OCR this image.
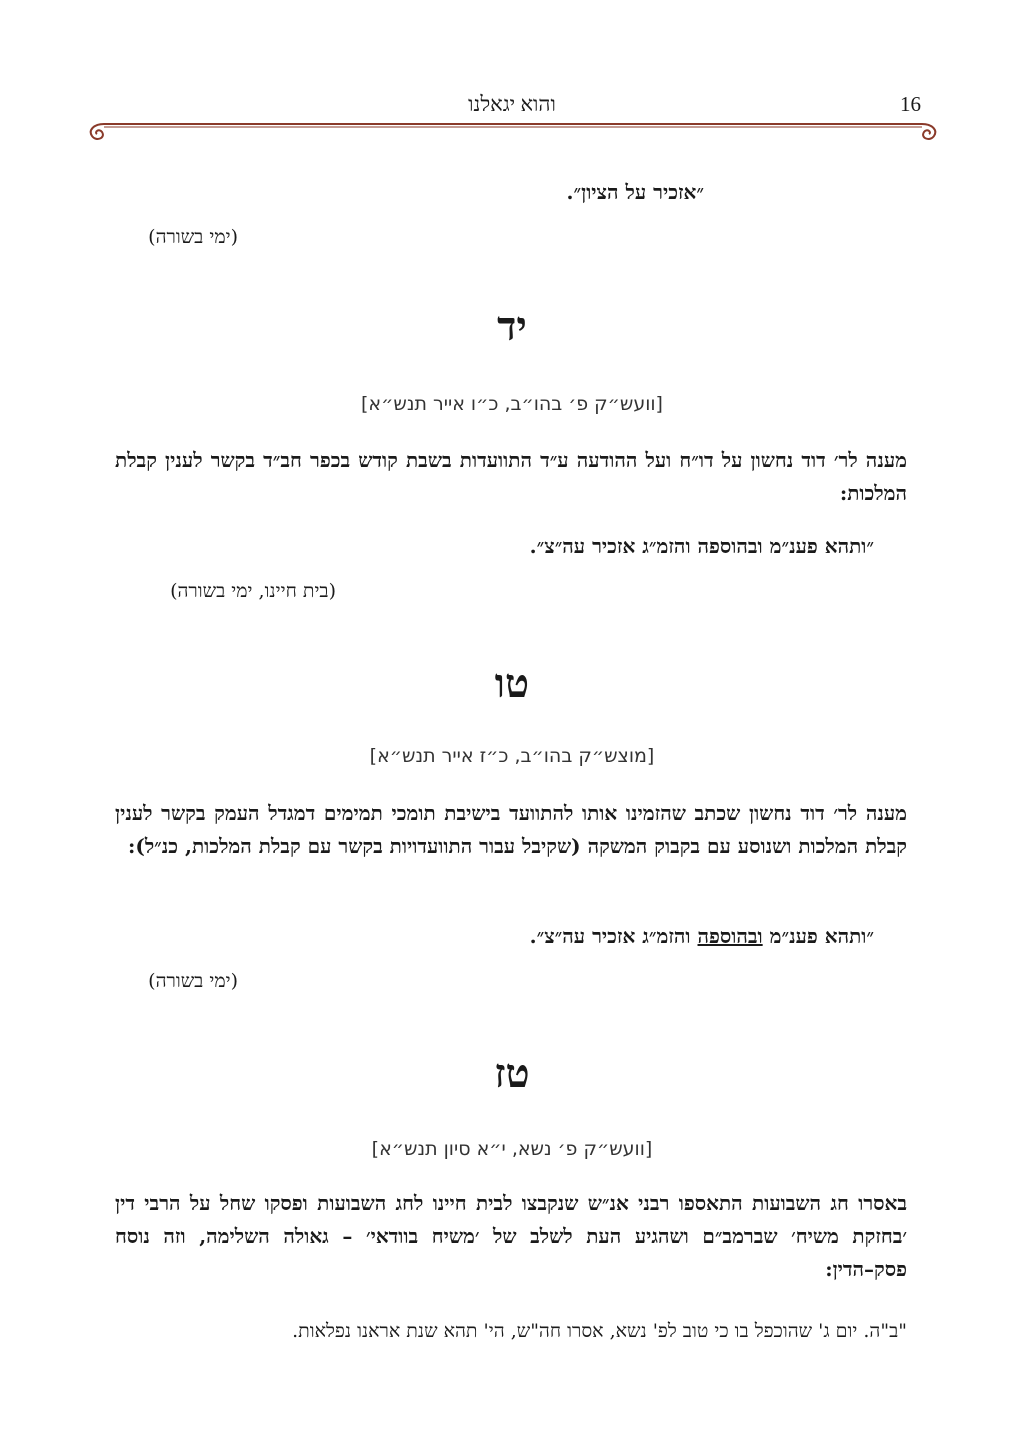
16
והוא יגאלנו
״אזכיר על הציון״.
(ימי בשורה)
יד
[וועש״ק פ׳ בהו״ב, כ״ו אייר תנש״א]
מענה לר׳ דוד נחשון על דו״ח ועל ההודעה ע״ד התוועדות בשבת קודש בכפר חב״ד בקשר לענין קבלת המלכות:
״ותהא פענ״מ ובהוספה והזמ״ג אזכיר עה״צ״.
(בית חיינו, ימי בשורה)
טו
[מוצש״ק בהו״ב, כ״ז אייר תנש״א]
מענה לר׳ דוד נחשון שכתב שהזמינו אותו להתוועד בישיבת תומכי תמימים דמגדל העמק בקשר לענין קבלת המלכות ושנוסע עם בקבוק המשקה (שקיבל עבור התוועדויות בקשר עם קבלת המלכות, כנ״ל):
״ותהא פענ״מ ובהוספה והזמ״ג אזכיר עה״צ״.
(ימי בשורה)
טז
[וועש״ק פ׳ נשא, י״א סיון תנש״א]
באסרו חג השבועות התאספו רבני אנ״ש שנקבצו לבית חיינו לחג השבועות ופסקו שחל על הרבי דין ׳בחזקת משיח׳ שברמב״ם ושהגיע העת לשלב של ׳משיח בוודאי׳ – גאולה השלימה, וזה נוסח פסק–הדין:
"ב"ה. יום ג' שהוכפל בו כי טוב לפ' נשא, אסרו חה"ש, הי' תהא שנת אראנו נפלאות.
